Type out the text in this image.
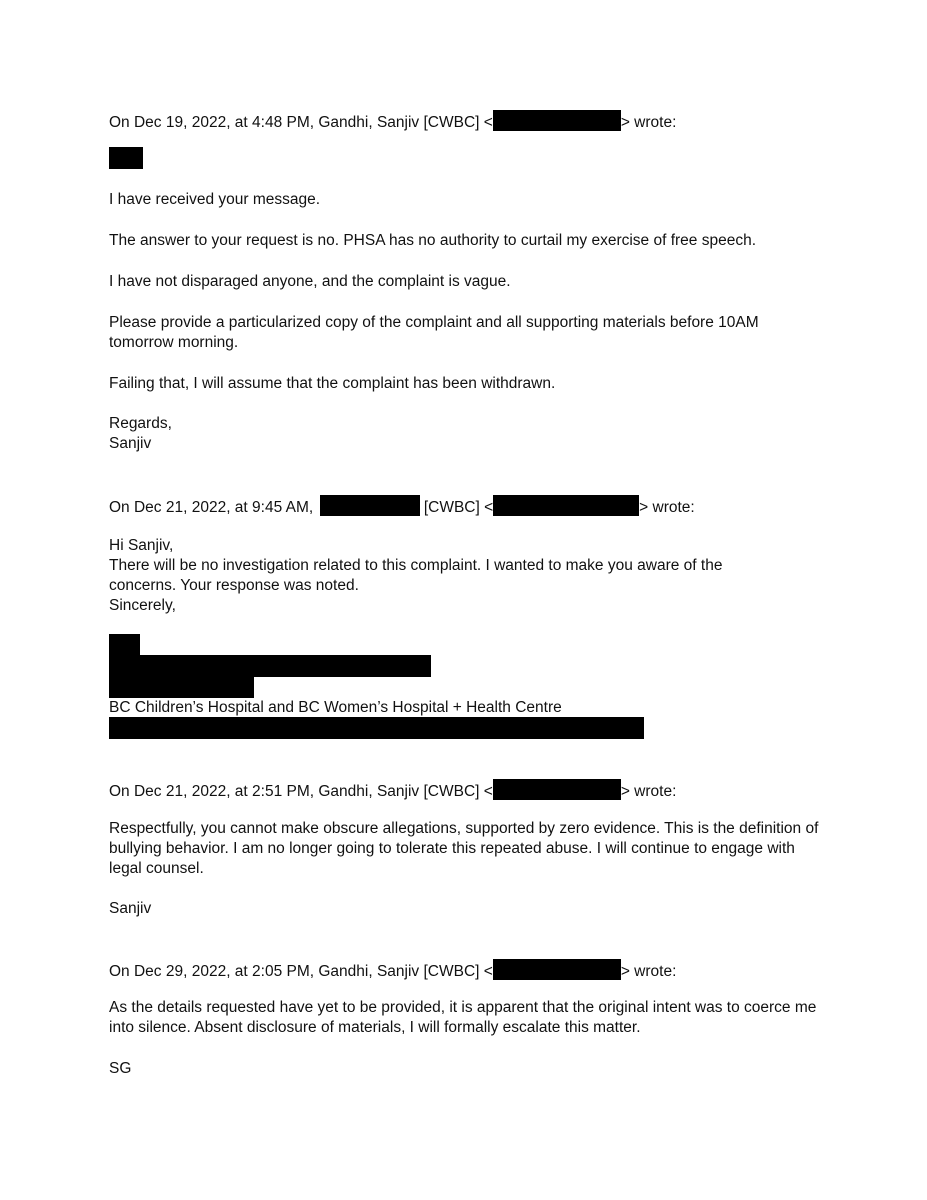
On Dec 19, 2022, at 4:48 PM, Gandhi, Sanjiv [CWBC] <	> wrote:
I have received your message.
The answer to your request is no. PHSA has no authority to curtail my exercise of free speech.
I have not disparaged anyone, and the complaint is vague.
Please provide a particularized copy of the complaint and all supporting materials before 10AM
tomorrow morning.
Failing that, I will assume that the complaint has been withdrawn.
Regards,
Sanjiv
On Dec 21, 2022, at 9:45 AM,	[CWBC] <	> wrote:
Hi Sanjiv,
There will be no investigation related to this complaint. I wanted to make you aware of the
concerns. Your response was noted.
Sincerely,
BC Children’s Hospital and BC Women’s Hospital + Health Centre
On Dec 21, 2022, at 2:51 PM, Gandhi, Sanjiv [CWBC] <	> wrote:
Respectfully, you cannot make obscure allegations, supported by zero evidence. This is the definition of
bullying behavior. I am no longer going to tolerate this repeated abuse. I will continue to engage with
legal counsel.
Sanjiv
On Dec 29, 2022, at 2:05 PM, Gandhi, Sanjiv [CWBC] <	> wrote:
As the details requested have yet to be provided, it is apparent that the original intent was to coerce me
into silence. Absent disclosure of materials, I will formally escalate this matter.
SG
